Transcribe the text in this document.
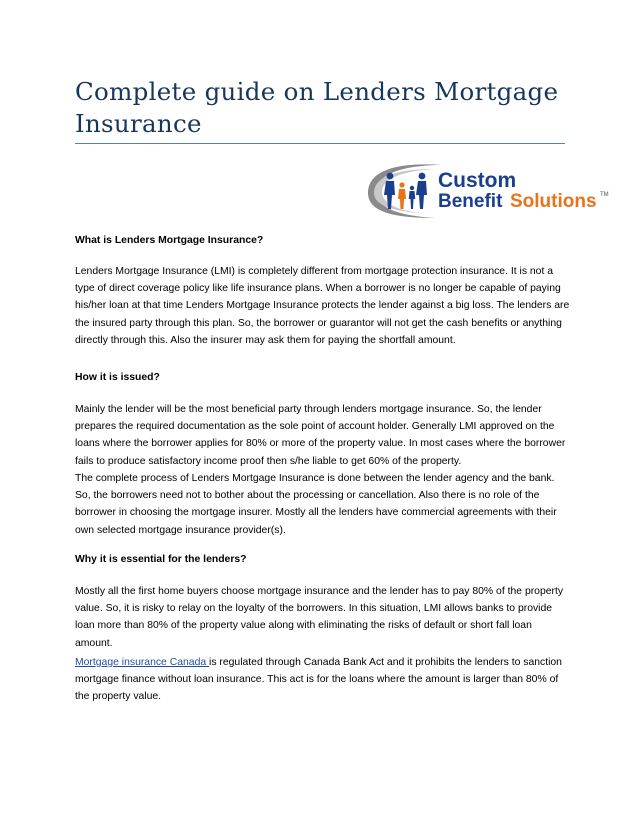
Complete guide on Lenders Mortgage Insurance
Custom
Benefit Solutions TM

What is Lenders Mortgage Insurance?

Lenders Mortgage Insurance (LMI) is completely different from mortgage protection insurance. It is not a type of direct coverage policy like life insurance plans. When a borrower is no longer be capable of paying his/her loan at that time Lenders Mortgage Insurance protects the lender against a big loss. The lenders are the insured party through this plan. So, the borrower or guarantor will not get the cash benefits or anything directly through this. Also the insurer may ask them for paying the shortfall amount.

How it is issued?

Mainly the lender will be the most beneficial party through lenders mortgage insurance. So, the lender prepares the required documentation as the sole point of account holder. Generally LMI approved on the loans where the borrower applies for 80% or more of the property value. In most cases where the borrower fails to produce satisfactory income proof then s/he liable to get 60% of the property.

The complete process of Lenders Mortgage Insurance is done between the lender agency and the bank. So, the borrowers need not to bother about the processing or cancellation. Also there is no role of the borrower in choosing the mortgage insurer. Mostly all the lenders have commercial agreements with their own selected mortgage insurance provider(s).

Why it is essential for the lenders?

Mostly all the first home buyers choose mortgage insurance and the lender has to pay 80% of the property value. So, it is risky to relay on the loyalty of the borrowers. In this situation, LMI allows banks to provide loan more than 80% of the property value along with eliminating the risks of default or short fall loan amount.

Mortgage insurance Canada is regulated through Canada Bank Act and it prohibits the lenders to sanction mortgage finance without loan insurance. This act is for the loans where the amount is larger than 80% of the property value.
